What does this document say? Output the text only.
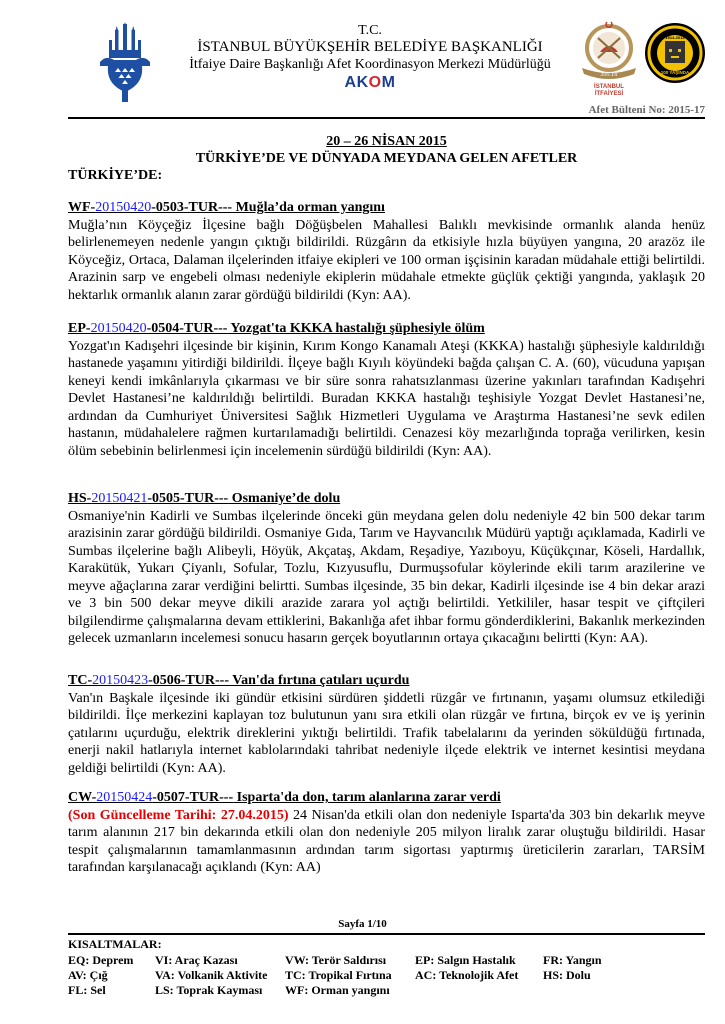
T.C.
İSTANBUL BÜYÜKŞEHİR BELEDİYE BAŞKANLIĞI
İtfaiye Daire Başkanlığı Afet Koordinasyon Merkezi Müdürlüğü
AKOM	300.Yıl
İSTANBUL
İTFAİYESİ
1914-2014
100 YAŞINDA
Afet Bülteni No: 2015-17
20 – 26 NİSAN 2015
TÜRKİYE’DE VE DÜNYADA MEYDANA GELEN AFETLER
TÜRKİYE’DE:
WF-20150420-0503-TUR--- Muğla’da orman yangını
Muğla’nın Köyçeğiz İlçesine bağlı Döğüşbelen Mahallesi Balıklı mevkisinde ormanlık alanda henüz belirlenemeyen nedenle yangın çıktığı bildirildi. Rüzgârın da etkisiyle hızla büyüyen yangına, 20 arazöz ile Köyceğiz, Ortaca, Dalaman ilçelerinden itfaiye ekipleri ve 100 orman işçisinin karadan müdahale ettiği belirtildi. Arazinin sarp ve engebeli olması nedeniyle ekiplerin müdahale etmekte güçlük çektiği yangında, yaklaşık 20 hektarlık ormanlık alanın zarar gördüğü bildirildi (Kyn: AA).
EP-20150420-0504-TUR--- Yozgat'ta KKKA hastalığı şüphesiyle ölüm
Yozgat'ın Kadışehri ilçesinde bir kişinin, Kırım Kongo Kanamalı Ateşi (KKKA) hastalığı şüphesiyle kaldırıldığı hastanede yaşamını yitirdiği bildirildi. İlçeye bağlı Kıyılı köyündeki bağda çalışan C. A. (60), vücuduna yapışan keneyi kendi imkânlarıyla çıkarması ve bir süre sonra rahatsızlanması üzerine yakınları tarafından Kadışehri Devlet Hastanesi’ne kaldırıldığı belirtildi. Buradan KKKA hastalığı teşhisiyle Yozgat Devlet Hastanesi’ne, ardından da Cumhuriyet Üniversitesi Sağlık Hizmetleri Uygulama ve Araştırma Hastanesi’ne sevk edilen hastanın, müdahalelere rağmen kurtarılamadığı belirtildi. Cenazesi köy mezarlığında toprağa verilirken, kesin ölüm sebebinin belirlenmesi için incelemenin sürdüğü bildirildi (Kyn: AA).
HS-20150421-0505-TUR--- Osmaniye’de dolu
Osmaniye'nin Kadirli ve Sumbas ilçelerinde önceki gün meydana gelen dolu nedeniyle 42 bin 500 dekar tarım arazisinin zarar gördüğü bildirildi. Osmaniye Gıda, Tarım ve Hayvancılık Müdürü yaptığı açıklamada, Kadirli ve Sumbas ilçelerine bağlı Alibeyli, Höyük, Akçataş, Akdam, Reşadiye, Yazıboyu, Küçükçınar, Köseli, Hardallık, Karakütük, Yukarı Çiyanlı, Sofular, Tozlu, Kızyusuflu, Durmuşsofular köylerinde ekili tarım arazilerine ve meyve ağaçlarına zarar verdiğini belirtti. Sumbas ilçesinde, 35 bin dekar, Kadirli ilçesinde ise 4 bin dekar arazi ve 3 bin 500 dekar meyve dikili arazide zarara yol açtığı belirtildi. Yetkililer, hasar tespit ve çiftçileri bilgilendirme çalışmalarına devam ettiklerini, Bakanlığa afet ihbar formu gönderdiklerini, Bakanlık merkezinden gelecek uzmanların incelemesi sonucu hasarın gerçek boyutlarının ortaya çıkacağını belirtti (Kyn: AA).
TC-20150423-0506-TUR--- Van'da fırtına çatıları uçurdu
Van'ın Başkale ilçesinde iki gündür etkisini sürdüren şiddetli rüzgâr ve fırtınanın, yaşamı olumsuz etkilediği bildirildi. İlçe merkezini kaplayan toz bulutunun yanı sıra etkili olan rüzgâr ve fırtına, birçok ev ve iş yerinin çatılarını uçurduğu, elektrik direklerini yıktığı belirtildi. Trafik tabelalarını da yerinden söküldüğü fırtınada, enerji nakil hatlarıyla internet kablolarındaki tahribat nedeniyle ilçede elektrik ve internet kesintisi meydana geldiği belirtildi (Kyn: AA).
CW-20150424-0507-TUR--- Isparta'da don, tarım alanlarına zarar verdi
(Son Güncelleme Tarihi: 27.04.2015) 24 Nisan'da etkili olan don nedeniyle Isparta'da 303 bin dekarlık meyve tarım alanının 217 bin dekarında etkili olan don nedeniyle 205 milyon liralık zarar oluştuğu bildirildi. Hasar tespit çalışmalarının tamamlanmasının ardından tarım sigortası yaptırmış üreticilerin zararları, TARSİM tarafından karşılanacağı açıklandı (Kyn: AA)
Sayfa 1/10
KISALTMALAR:
EQ: Deprem	VI: Araç Kazası	VW: Terör Saldırısı	EP: Salgın Hastalık	FR: Yangın
AV: Çığ	VA: Volkanik Aktivite	TC: Tropikal Fırtına	AC: Teknolojik Afet	HS: Dolu
FL: Sel	LS: Toprak Kayması	WF: Orman yangını
